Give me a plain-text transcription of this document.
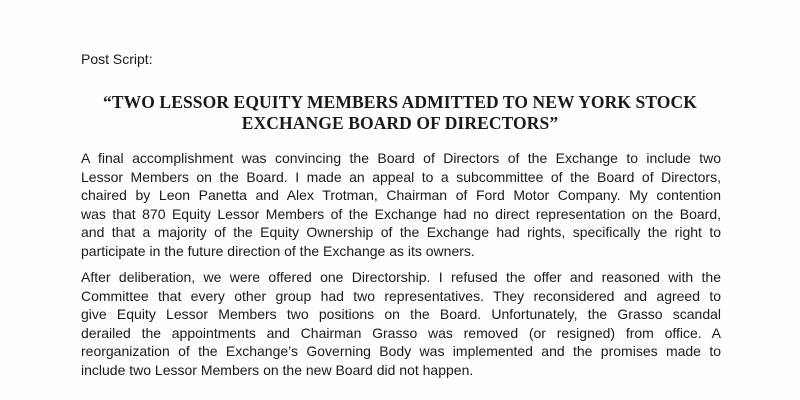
Post Script:
“TWO LESSOR EQUITY MEMBERS ADMITTED TO NEW YORK STOCK
EXCHANGE BOARD OF DIRECTORS”
A final accomplishment was convincing the Board of Directors of the Exchange to include two
Lessor Members on the Board. I made an appeal to a subcommittee of the Board of Directors,
chaired by Leon Panetta and Alex Trotman, Chairman of Ford Motor Company. My contention
was that 870 Equity Lessor Members of the Exchange had no direct representation on the Board,
and that a majority of the Equity Ownership of the Exchange had rights, specifically the right to
participate in the future direction of the Exchange as its owners.
After deliberation, we were offered one Directorship. I refused the offer and reasoned with the
Committee that every other group had two representatives. They reconsidered and agreed to
give Equity Lessor Members two positions on the Board. Unfortunately, the Grasso scandal
derailed the appointments and Chairman Grasso was removed (or resigned) from office. A
reorganization of the Exchange’s Governing Body was implemented and the promises made to
include two Lessor Members on the new Board did not happen.
